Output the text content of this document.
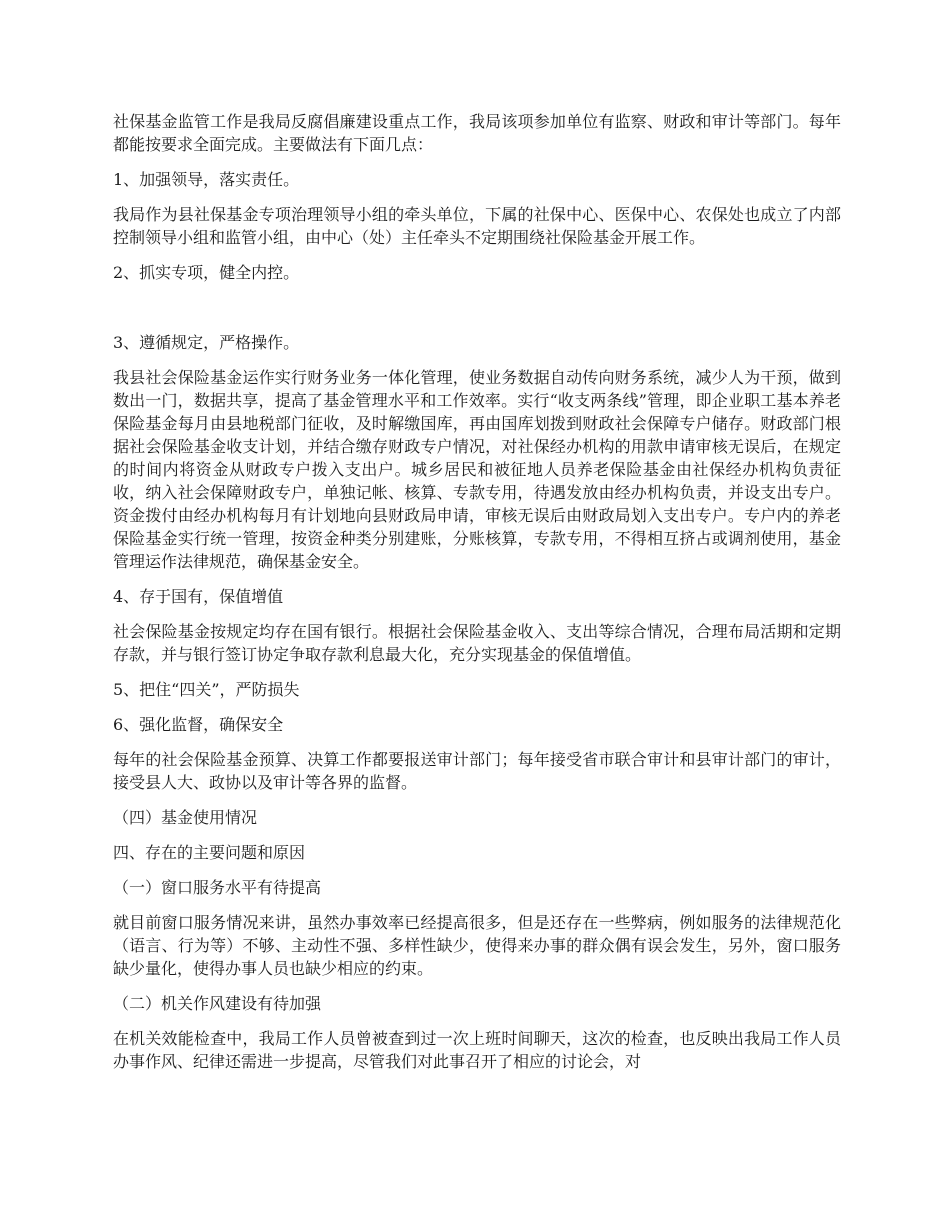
社保基金监管工作是我局反腐倡廉建设重点工作，我局该项参加单位有监察、财政和审计等部门。每年都能按要求全面完成。主要做法有下面几点：

1、加强领导，落实责任。

我局作为县社保基金专项治理领导小组的牵头单位，下属的社保中心、医保中心、农保处也成立了内部控制领导小组和监管小组，由中心（处）主任牵头不定期围绕社保险基金开展工作。

2、抓实专项，健全内控。

3、遵循规定，严格操作。

我县社会保险基金运作实行财务业务一体化管理，使业务数据自动传向财务系统，减少人为干预，做到数出一门，数据共享，提高了基金管理水平和工作效率。实行“收支两条线”管理，即企业职工基本养老保险基金每月由县地税部门征收，及时解缴国库，再由国库划拨到财政社会保障专户储存。财政部门根据社会保险基金收支计划，并结合缴存财政专户情况，对社保经办机构的用款申请审核无误后，在规定的时间内将资金从财政专户拨入支出户。城乡居民和被征地人员养老保险基金由社保经办机构负责征收，纳入社会保障财政专户，单独记帐、核算、专款专用，待遇发放由经办机构负责，并设支出专户。资金拨付由经办机构每月有计划地向县财政局申请，审核无误后由财政局划入支出专户。专户内的养老保险基金实行统一管理，按资金种类分别建账，分账核算，专款专用，不得相互挤占或调剂使用，基金管理运作法律规范，确保基金安全。

4、存于国有，保值增值

社会保险基金按规定均存在国有银行。根据社会保险基金收入、支出等综合情况，合理布局活期和定期存款，并与银行签订协定争取存款利息最大化，充分实现基金的保值增值。

5、把住“四关”，严防损失

6、强化监督，确保安全

每年的社会保险基金预算、决算工作都要报送审计部门；每年接受省市联合审计和县审计部门的审计，接受县人大、政协以及审计等各界的监督。

（四）基金使用情况

四、存在的主要问题和原因

（一）窗口服务水平有待提高

就目前窗口服务情况来讲，虽然办事效率已经提高很多，但是还存在一些弊病，例如服务的法律规范化（语言、行为等）不够、主动性不强、多样性缺少，使得来办事的群众偶有误会发生，另外，窗口服务缺少量化，使得办事人员也缺少相应的约束。

（二）机关作风建设有待加强

在机关效能检查中，我局工作人员曾被查到过一次上班时间聊天，这次的检查，也反映出我局工作人员办事作风、纪律还需进一步提高，尽管我们对此事召开了相应的讨论会，对
